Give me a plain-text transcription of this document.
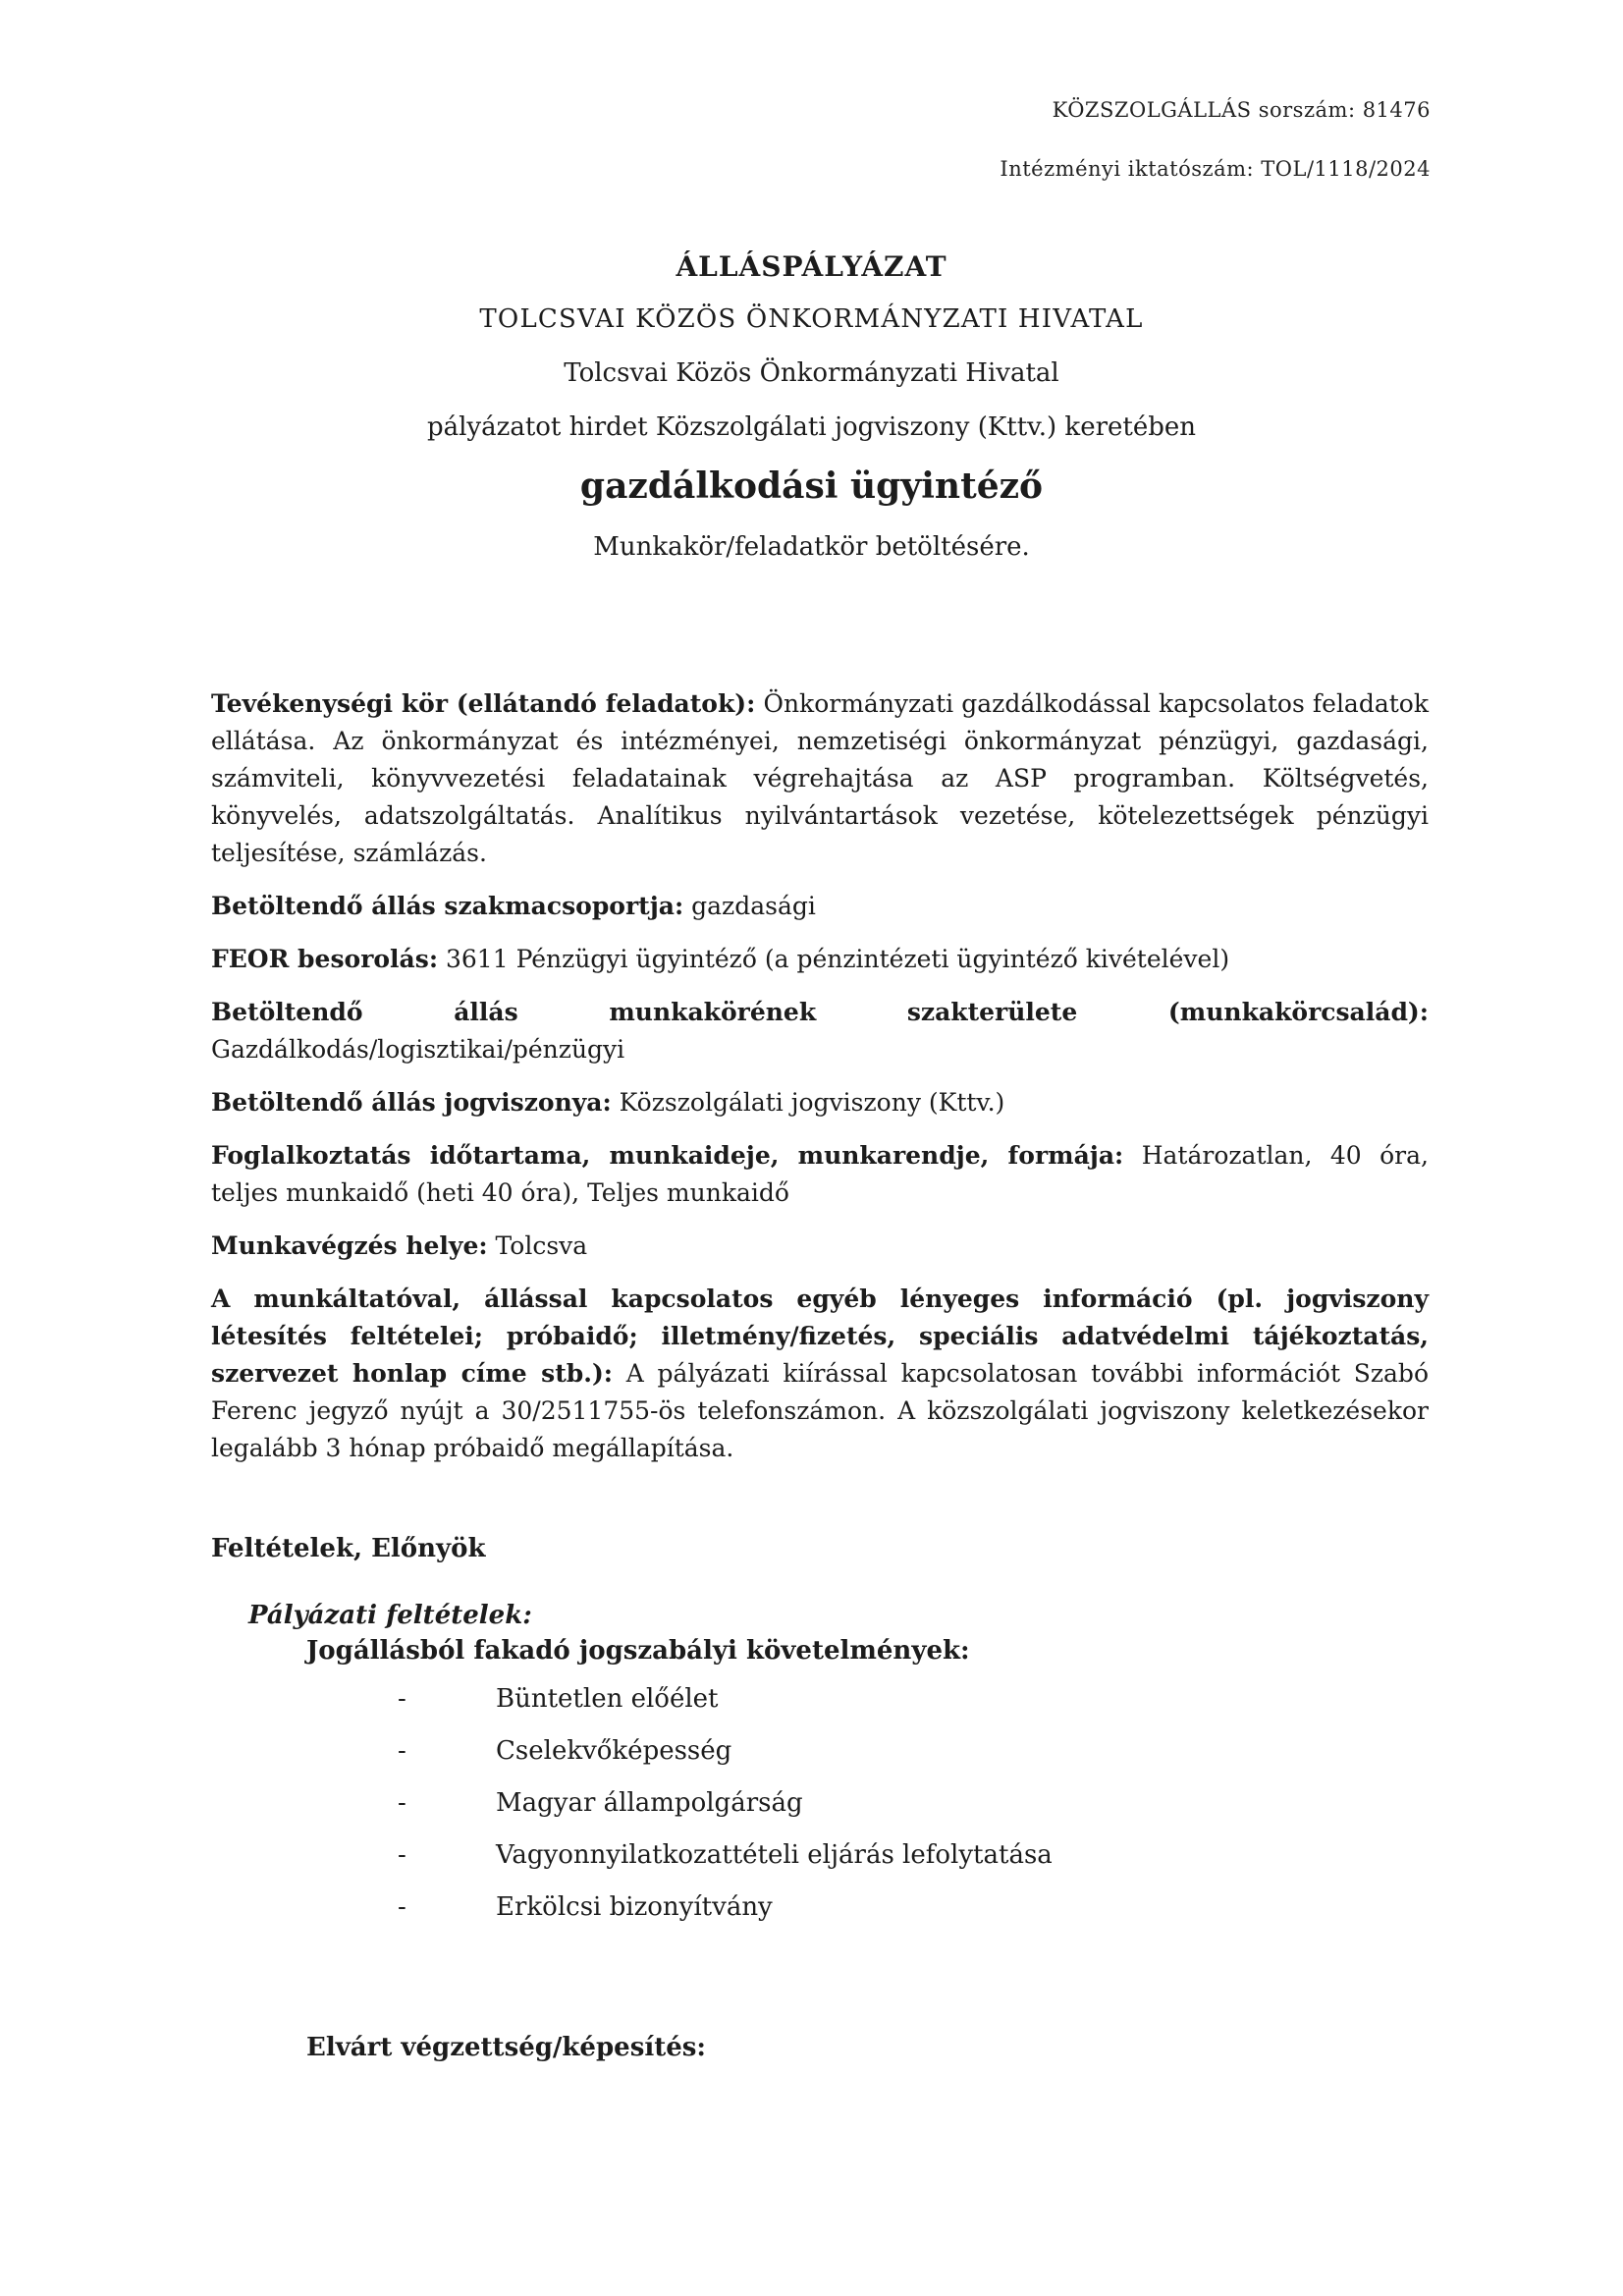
KÖZSZOLGÁLLÁS sorszám: 81476
Intézményi iktatószám: TOL/1118/2024
ÁLLÁSPÁLYÁZAT
TOLCSVAI KÖZÖS ÖNKORMÁNYZATI HIVATAL
Tolcsvai Közös Önkormányzati Hivatal
pályázatot hirdet Közszolgálati jogviszony (Kttv.) keretében
gazdálkodási ügyintéző
Munkakör/feladatkör betöltésére.

Tevékenységi kör (ellátandó feladatok): Önkormányzati gazdálkodással kapcsolatos feladatok ellátása. Az önkormányzat és intézményei, nemzetiségi önkormányzat pénzügyi, gazdasági, számviteli, könyvvezetési feladatainak végrehajtása az ASP programban. Költségvetés, könyvelés, adatszolgáltatás. Analítikus nyilvántartások vezetése, kötelezettségek pénzügyi teljesítése, számlázás.

Betöltendő állás szakmacsoportja: gazdasági

FEOR besorolás: 3611 Pénzügyi ügyintéző (a pénzintézeti ügyintéző kivételével)

Betöltendő állás munkakörének szakterülete (munkakörcsalád): Gazdálkodás/logisztikai/pénzügyi

Betöltendő állás jogviszonya: Közszolgálati jogviszony (Kttv.)

Foglalkoztatás időtartama, munkaideje, munkarendje, formája: Határozatlan, 40 óra, teljes munkaidő (heti 40 óra), Teljes munkaidő

Munkavégzés helye: Tolcsva

A munkáltatóval, állással kapcsolatos egyéb lényeges információ (pl. jogviszony létesítés feltételei; próbaidő; illetmény/fizetés, speciális adatvédelmi tájékoztatás, szervezet honlap címe stb.): A pályázati kiírással kapcsolatosan további információt Szabó Ferenc jegyző nyújt a 30/2511755-ös telefonszámon. A közszolgálati jogviszony keletkezésekor legalább 3 hónap próbaidő megállapítása.

Feltételek, Előnyök
Pályázati feltételek:
Jogállásból fakadó jogszabályi követelmények:
-	Büntetlen előélet
-	Cselekvőképesség
-	Magyar állampolgárság
-	Vagyonnyilatkozattételi eljárás lefolytatása
-	Erkölcsi bizonyítvány
Elvárt végzettség/képesítés:
